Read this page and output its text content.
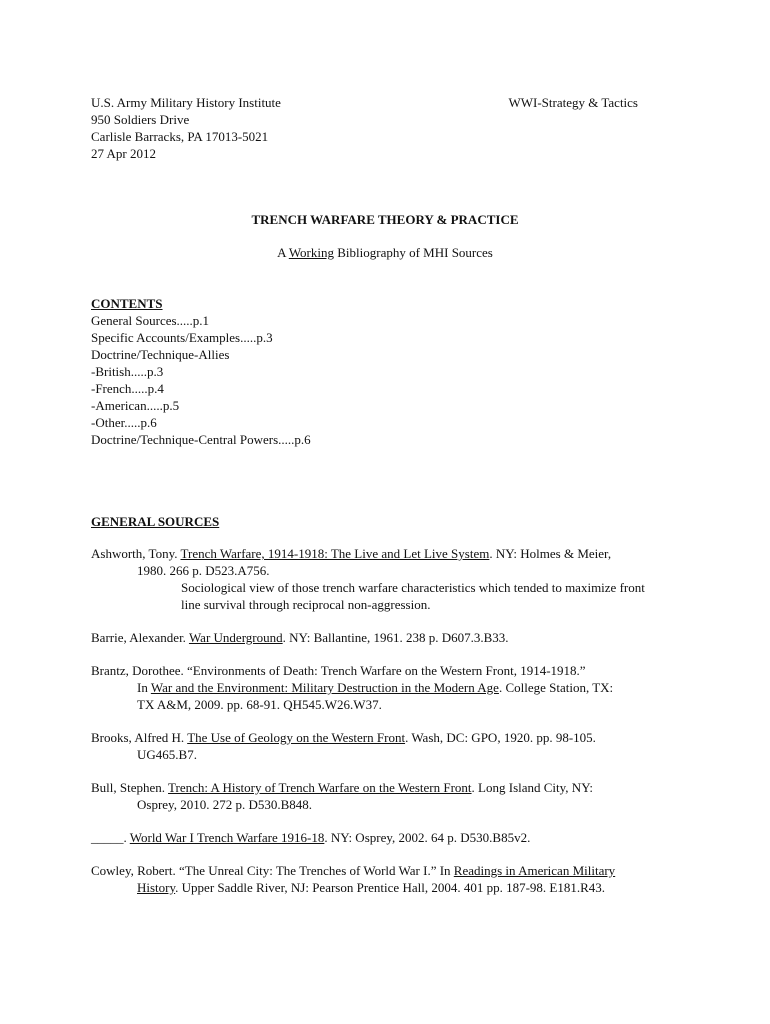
U.S. Army Military History Institute
950 Soldiers Drive
Carlisle Barracks, PA 17013-5021
27 Apr 2012
WWI-Strategy & Tactics
TRENCH WARFARE THEORY & PRACTICE
A Working Bibliography of MHI Sources
CONTENTS
General Sources.....p.1
Specific Accounts/Examples.....p.3
Doctrine/Technique-Allies
-British.....p.3
-French.....p.4
-American.....p.5
-Other.....p.6
Doctrine/Technique-Central Powers.....p.6
GENERAL SOURCES
Ashworth, Tony. Trench Warfare, 1914-1918: The Live and Let Live System. NY: Holmes & Meier,
1980. 266 p. D523.A756.
Sociological view of those trench warfare characteristics which tended to maximize front
line survival through reciprocal non-aggression.
Barrie, Alexander. War Underground. NY: Ballantine, 1961. 238 p. D607.3.B33.
Brantz, Dorothee. “Environments of Death: Trench Warfare on the Western Front, 1914-1918.”
In War and the Environment: Military Destruction in the Modern Age. College Station, TX:
TX A&M, 2009. pp. 68-91. QH545.W26.W37.
Brooks, Alfred H. The Use of Geology on the Western Front. Wash, DC: GPO, 1920. pp. 98-105.
UG465.B7.
Bull, Stephen. Trench: A History of Trench Warfare on the Western Front. Long Island City, NY:
Osprey, 2010. 272 p. D530.B848.
_____. World War I Trench Warfare 1916-18. NY: Osprey, 2002. 64 p. D530.B85v2.
Cowley, Robert. “The Unreal City: The Trenches of World War I.” In Readings in American Military
History. Upper Saddle River, NJ: Pearson Prentice Hall, 2004. 401 pp. 187-98. E181.R43.
